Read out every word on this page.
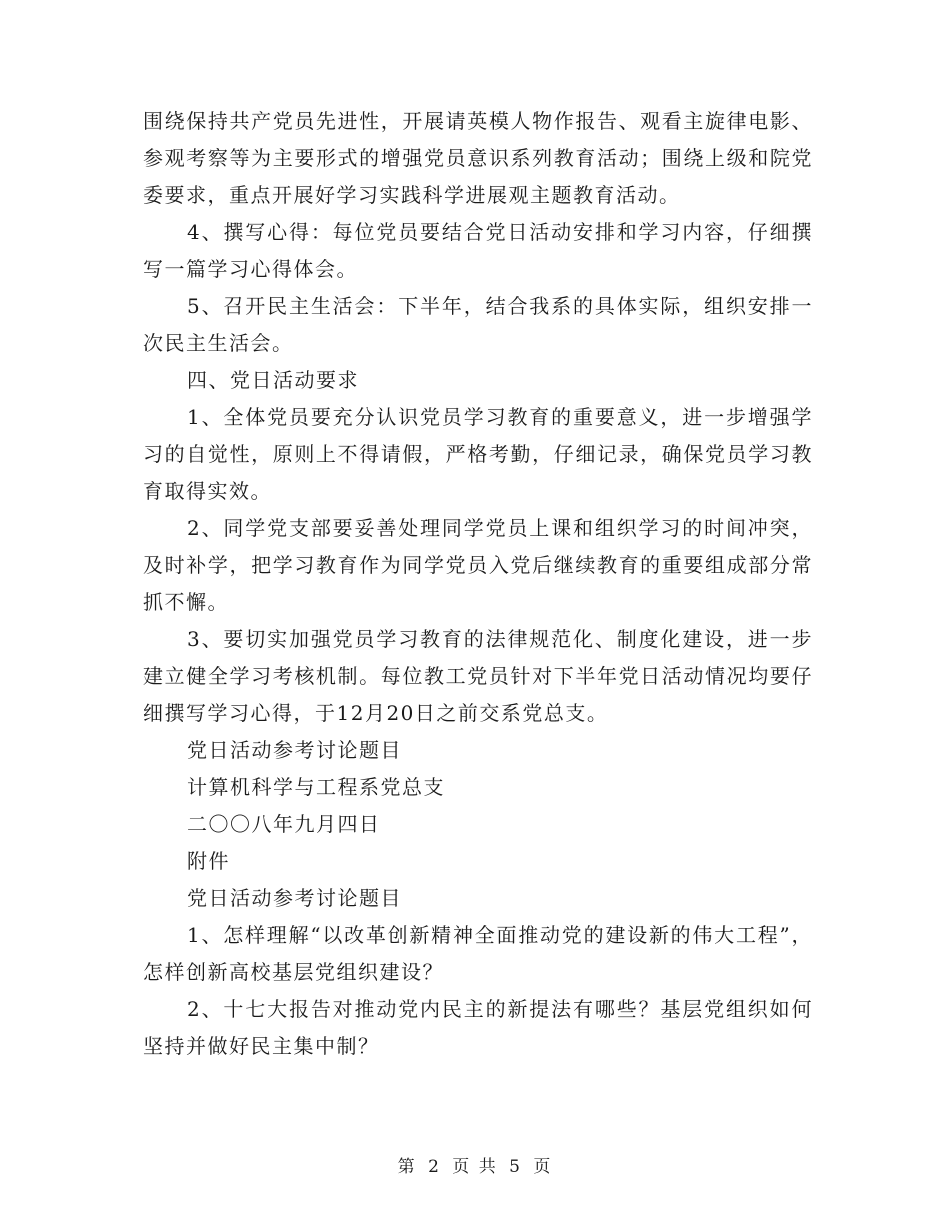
围绕保持共产党员先进性，开展请英模人物作报告、观看主旋律电影、参观考察等为主要形式的增强党员意识系列教育活动；围绕上级和院党委要求，重点开展好学习实践科学进展观主题教育活动。

4、撰写心得：每位党员要结合党日活动安排和学习内容，仔细撰写一篇学习心得体会。

5、召开民主生活会：下半年，结合我系的具体实际，组织安排一次民主生活会。

四、党日活动要求

1、全体党员要充分认识党员学习教育的重要意义，进一步增强学习的自觉性，原则上不得请假，严格考勤，仔细记录，确保党员学习教育取得实效。

2、同学党支部要妥善处理同学党员上课和组织学习的时间冲突，及时补学，把学习教育作为同学党员入党后继续教育的重要组成部分常抓不懈。

3、要切实加强党员学习教育的法律规范化、制度化建设，进一步建立健全学习考核机制。每位教工党员针对下半年党日活动情况均要仔细撰写学习心得，于12月20日之前交系党总支。

党日活动参考讨论题目

计算机科学与工程系党总支

二〇〇八年九月四日

附件

党日活动参考讨论题目

1、怎样理解“以改革创新精神全面推动党的建设新的伟大工程”，怎样创新高校基层党组织建设？

2、十七大报告对推动党内民主的新提法有哪些？基层党组织如何坚持并做好民主集中制？

第 2 页 共 5 页
